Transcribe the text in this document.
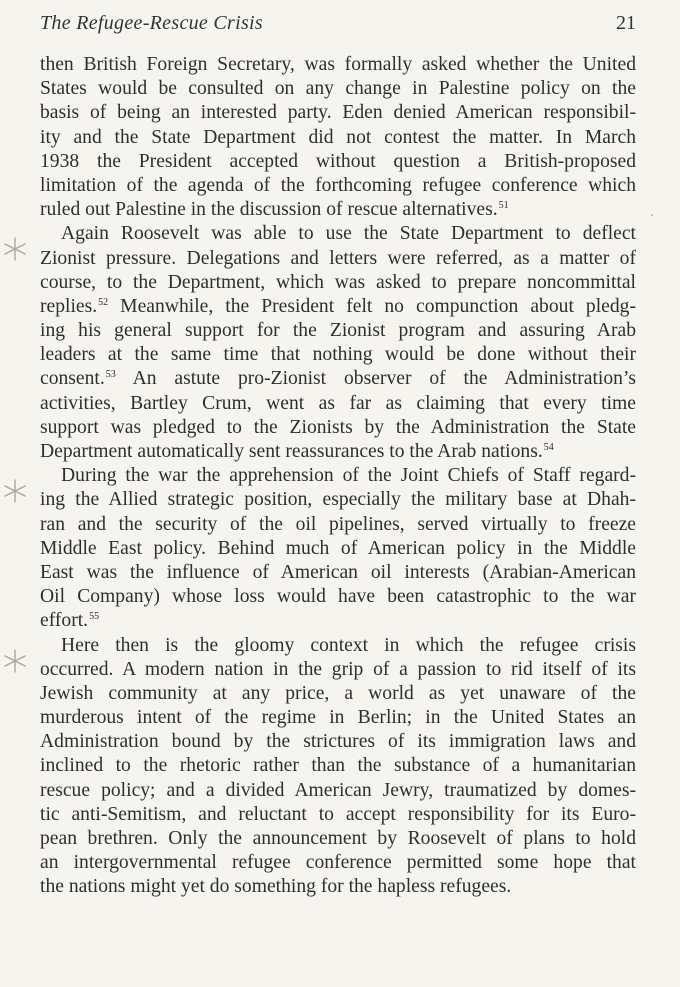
The Refugee-Rescue Crisis	21
then British Foreign Secretary, was formally asked whether the United
States would be consulted on any change in Palestine policy on the
basis of being an interested party. Eden denied American responsibil-
ity and the State Department did not contest the matter. In March
1938 the President accepted without question a British-proposed
limitation of the agenda of the forthcoming refugee conference which
ruled out Palestine in the discussion of rescue alternatives.$^{51}$
Again Roosevelt was able to use the State Department to deflect
Zionist pressure. Delegations and letters were referred, as a matter of
course, to the Department, which was asked to prepare noncommittal
replies.$^{52}$ Meanwhile, the President felt no compunction about pledg-
ing his general support for the Zionist program and assuring Arab
leaders at the same time that nothing would be done without their
consent.$^{53}$ An astute pro-Zionist observer of the Administration’s
activities, Bartley Crum, went as far as claiming that every time
support was pledged to the Zionists by the Administration the State
Department automatically sent reassurances to the Arab nations.$^{54}$
During the war the apprehension of the Joint Chiefs of Staff regard-
ing the Allied strategic position, especially the military base at Dhah-
ran and the security of the oil pipelines, served virtually to freeze
Middle East policy. Behind much of American policy in the Middle
East was the influence of American oil interests (Arabian-American
Oil Company) whose loss would have been catastrophic to the war
effort.$^{55}$
Here then is the gloomy context in which the refugee crisis
occurred. A modern nation in the grip of a passion to rid itself of its
Jewish community at any price, a world as yet unaware of the
murderous intent of the regime in Berlin; in the United States an
Administration bound by the strictures of its immigration laws and
inclined to the rhetoric rather than the substance of a humanitarian
rescue policy; and a divided American Jewry, traumatized by domes-
tic anti-Semitism, and reluctant to accept responsibility for its Euro-
pean brethren. Only the announcement by Roosevelt of plans to hold
an intergovernmental refugee conference permitted some hope that
the nations might yet do something for the hapless refugees.
